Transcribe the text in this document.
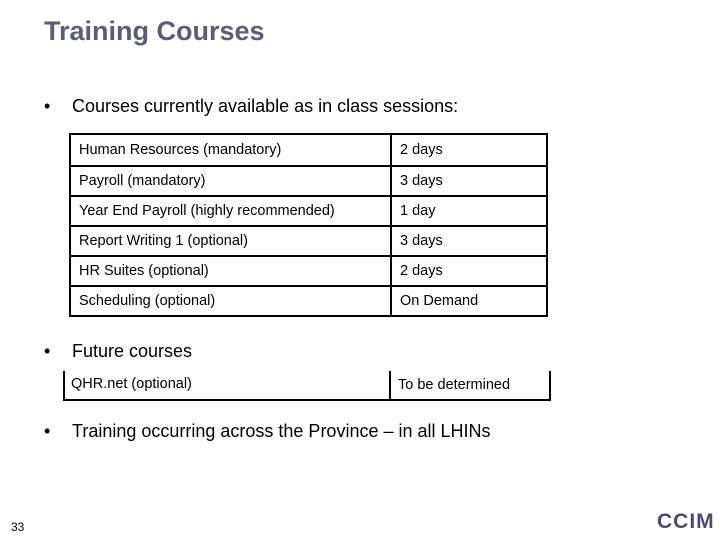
Training Courses
• Courses currently available as in class sessions:
Human Resources (mandatory)	2 days
Payroll (mandatory)	3 days
Year End Payroll (highly recommended)	1 day
Report Writing 1 (optional)	3 days
HR Suites (optional)	2 days
Scheduling (optional)	On Demand
• Future courses
QHR.net (optional)	To be determined
• Training occurring across the Province – in all LHINs
33	CCIM
